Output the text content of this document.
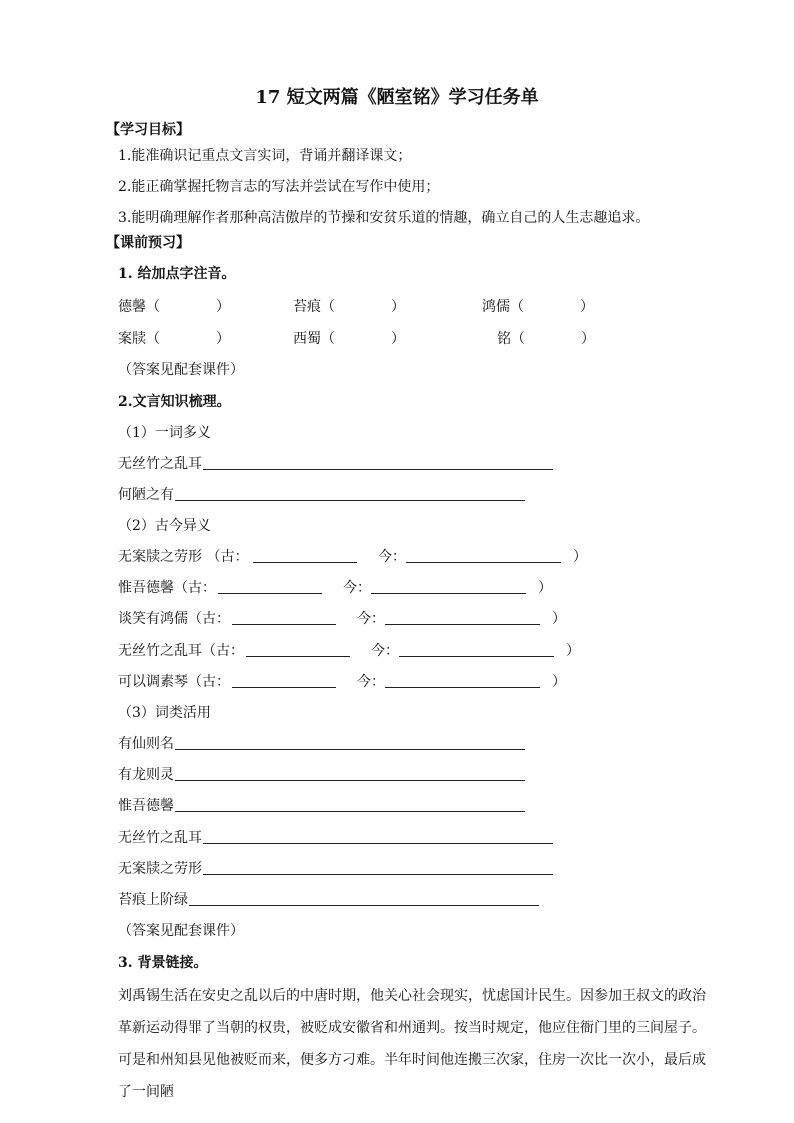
17 短文两篇《陋室铭》学习任务单
【学习目标】
1.能准确识记重点文言实词，背诵并翻译课文；
2.能正确掌握托物言志的写法并尝试在写作中使用；
3.能明确理解作者那种高洁傲岸的节操和安贫乐道的情趣，确立自己的人生志趣追求。
【课前预习】
1. 给加点字注音。
德馨（　　　　）	苔痕（　　　　）	鸿儒（　　　　）
案牍（　　　　）	西蜀（　　　　）	铭（　　　　）
（答案见配套课件）
2.文言知识梳理。
（1）一词多义
无丝竹之乱耳
何陋之有
（2）古今异义
无案牍之劳形 （古：	今：	）
惟吾德馨（古：	今：	）
谈笑有鸿儒（古：	今：	）
无丝竹之乱耳（古：	今：	）
可以调素琴（古：	今：	）
（3）词类活用
有仙则名
有龙则灵
惟吾德馨
无丝竹之乱耳
无案牍之劳形
苔痕上阶绿
（答案见配套课件）
3. 背景链接。
刘禹锡生活在安史之乱以后的中唐时期，他关心社会现实，忧虑国计民生。因参加王叔文的政治革新运动得罪了当朝的权贵，被贬成安徽省和州通判。按当时规定，他应住衙门里的三间屋子。可是和州知县见他被贬而来，便多方刁难。半年时间他连搬三次家，住房一次比一次小，最后成了一间陋
